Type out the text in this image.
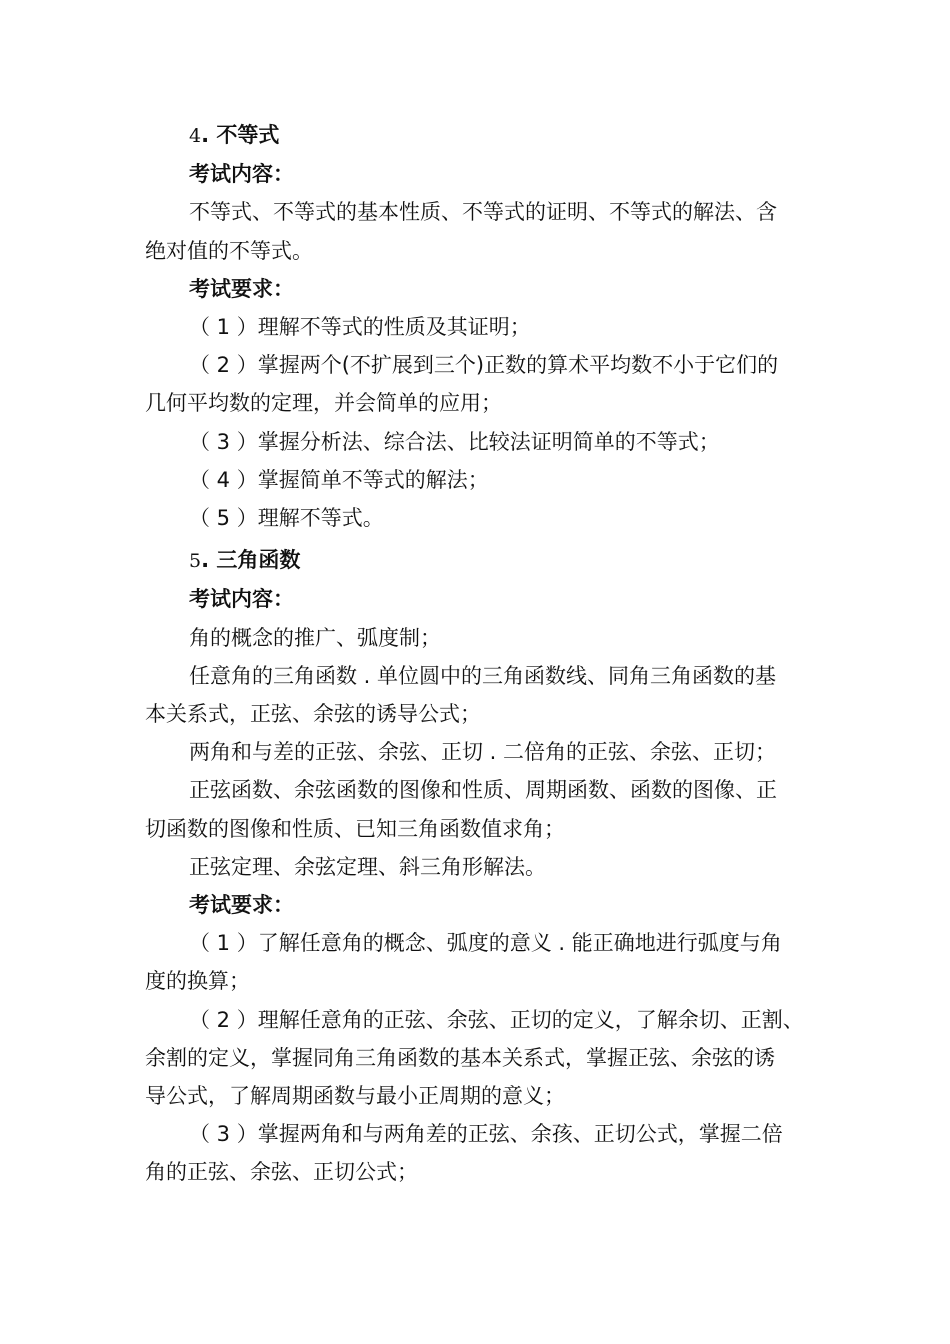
4. 不等式

考试内容：

不等式、不等式的基本性质、不等式的证明、不等式的解法、含

绝对值的不等式。

考试要求：

（ 1 ）理解不等式的性质及其证明；

（ 2 ）掌握两个(不扩展到三个)正数的算术平均数不小于它们的

几何平均数的定理，并会简单的应用；

（ 3 ）掌握分析法、综合法、比较法证明简单的不等式；

（ 4 ）掌握简单不等式的解法；

（ 5 ）理解不等式。

5. 三角函数

考试内容：

角的概念的推广、弧度制；

任意角的三角函数 . 单位圆中的三角函数线、同角三角函数的基

本关系式，正弦、余弦的诱导公式；

两角和与差的正弦、余弦、正切 . 二倍角的正弦、余弦、正切；

正弦函数、余弦函数的图像和性质、周期函数、函数的图像、正

切函数的图像和性质、已知三角函数值求角；

正弦定理、余弦定理、斜三角形解法。

考试要求：

（ 1 ）了解任意角的概念、弧度的意义 . 能正确地进行弧度与角

度的换算；

（ 2 ）理解任意角的正弦、余弦、正切的定义，了解余切、正割、

余割的定义，掌握同角三角函数的基本关系式，掌握正弦、余弦的诱

导公式，了解周期函数与最小正周期的意义；

（ 3 ）掌握两角和与两角差的正弦、余孩、正切公式，掌握二倍

角的正弦、余弦、正切公式；
